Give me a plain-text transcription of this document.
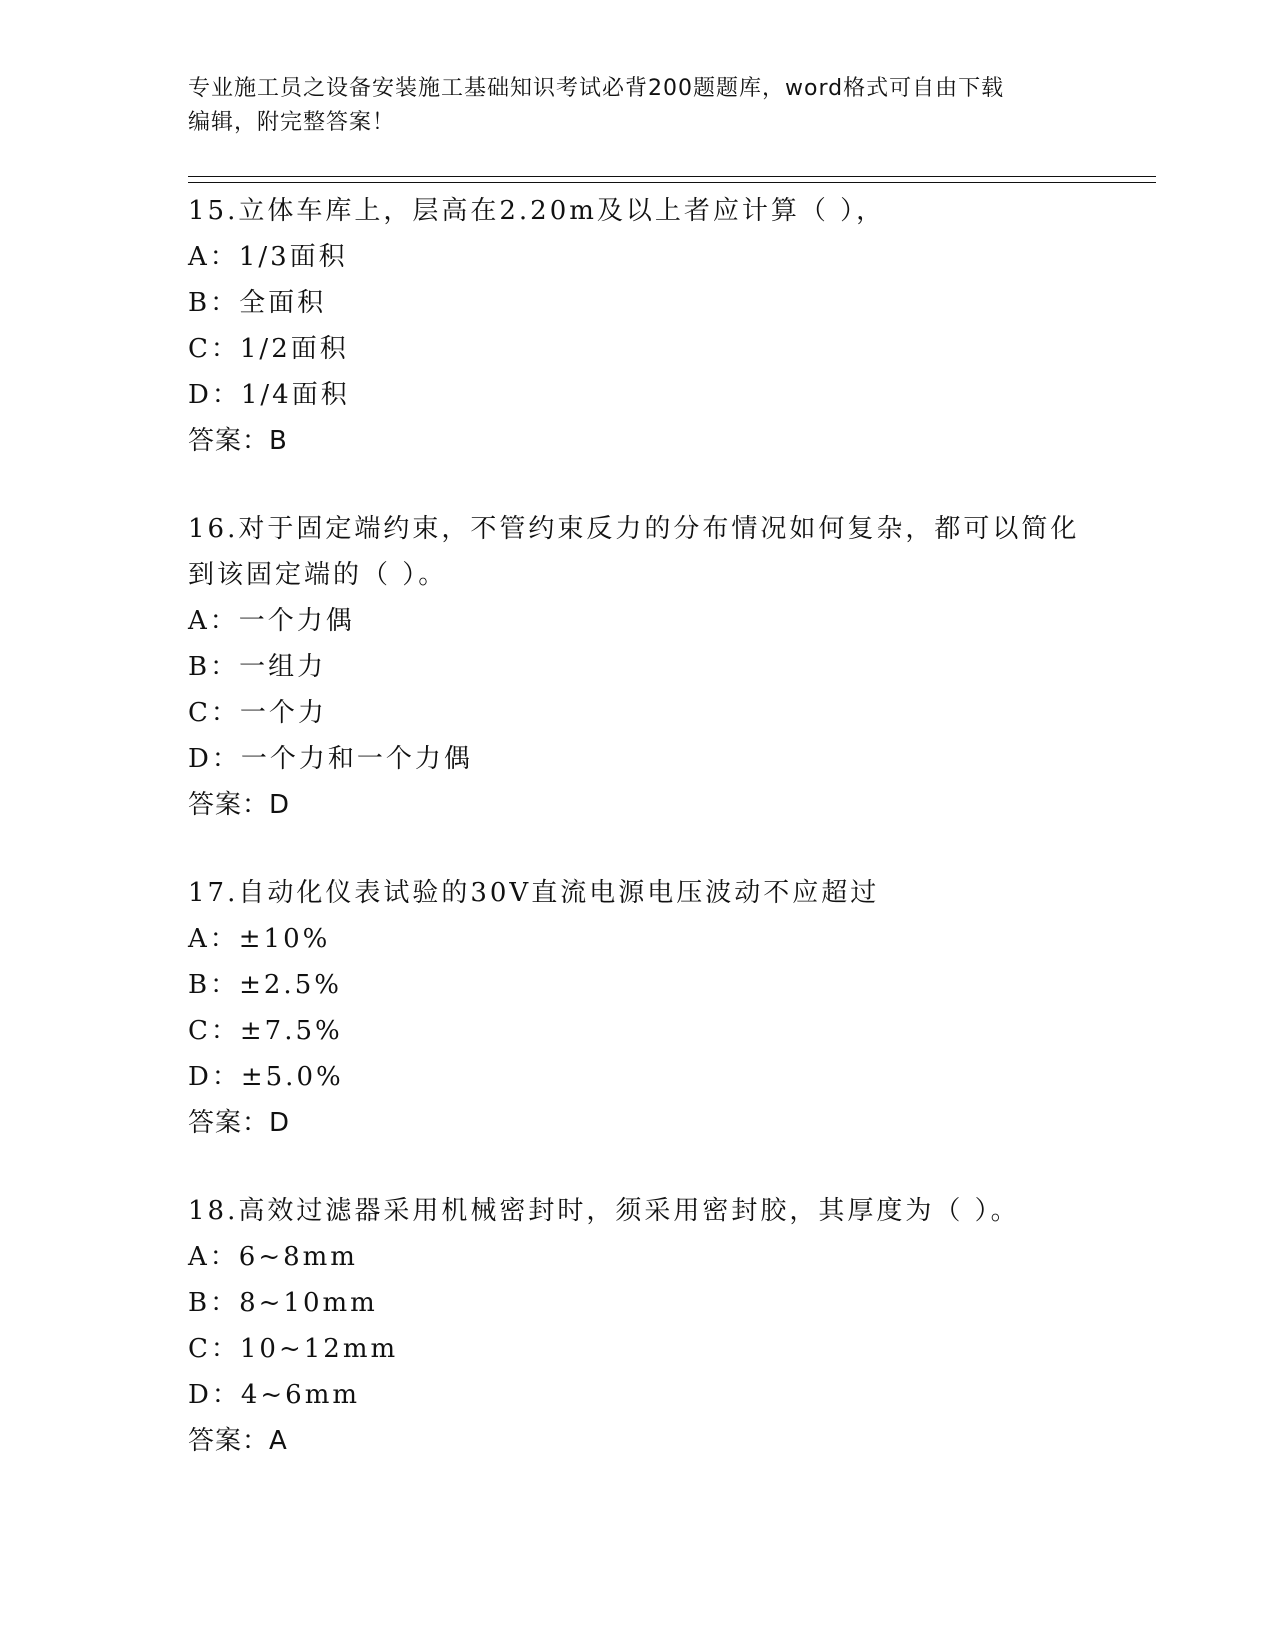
专业施工员之设备安装施工基础知识考试必背200题题库，word格式可自由下载
编辑，附完整答案！
15.立体车库上，层高在2.20m及以上者应计算（ ），
A：1/3面积
B：全面积
C：1/2面积
D：1/4面积
答案：B
16.对于固定端约束，不管约束反力的分布情况如何复杂，都可以简化
到该固定端的（ ）。
A：一个力偶
B：一组力
C：一个力
D：一个力和一个力偶
答案：D
17.自动化仪表试验的30V直流电源电压波动不应超过
A：±10%
B：±2.5%
C：±7.5%
D：±5.0%
答案：D
18.高效过滤器采用机械密封时，须采用密封胶，其厚度为（ ）。
A：6~8mm
B：8~10mm
C：10~12mm
D：4~6mm
答案：A
